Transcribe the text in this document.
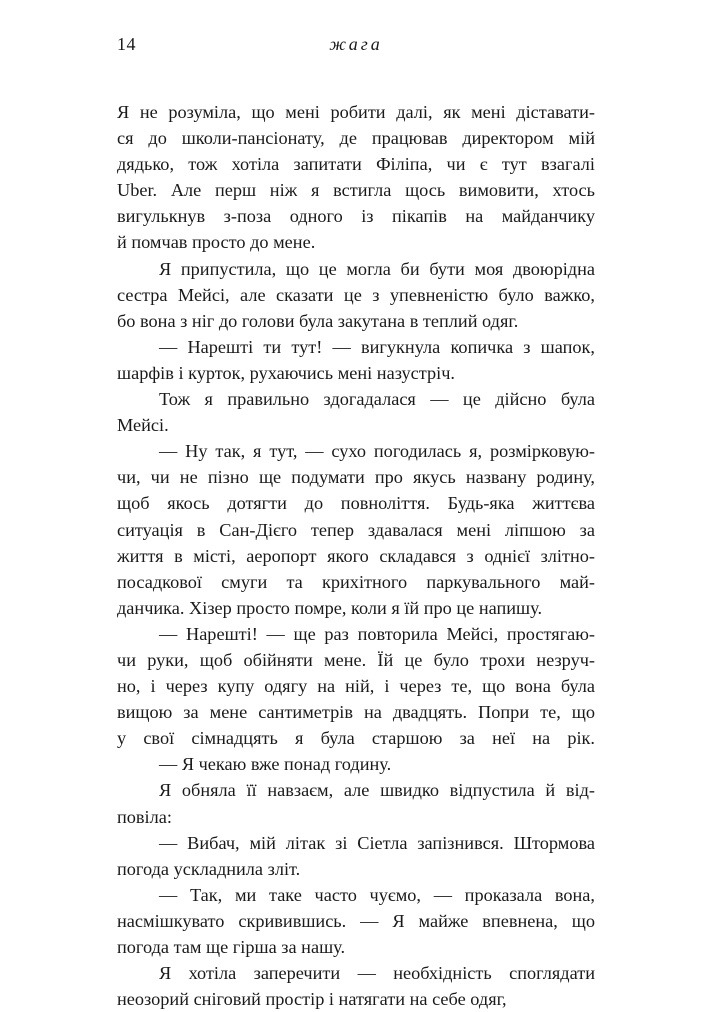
14	жага

Я не розуміла, що мені робити далі, як мені діставати-
ся до школи-пансіонату, де працював директором мій
дядько, тож хотіла запитати Філіпа, чи є тут взагалі
Uber. Але перш ніж я встигла щось вимовити, хтось
вигулькнув з-поза одного із пікапів на майданчику
й помчав просто до мене.

Я припустила, що це могла би бути моя двоюрідна
сестра Мейсі, але сказати це з упевненістю було важко,
бо вона з ніг до голови була закутана в теплий одяг.

— Нарешті ти тут! — вигукнула копичка з шапок,
шарфів і курток, рухаючись мені назустріч.

Тож я правильно здогадалася — це дійсно була
Мейсі.

— Ну так, я тут, — сухо погодилась я, розмірковую-
чи, чи не пізно ще подумати про якусь названу родину,
щоб якось дотягти до повноліття. Будь-яка життєва
ситуація в Сан-Дієго тепер здавалася мені ліпшою за
життя в місті, аеропорт якого складався з однієї злітно-
посадкової смуги та крихітного паркувального май-
данчика. Хізер просто помре, коли я їй про це напишу.

— Нарешті! — ще раз повторила Мейсі, простягаю-
чи руки, щоб обійняти мене. Їй це було трохи незруч-
но, і через купу одягу на ній, і через те, що вона була
вищою за мене сантиметрів на двадцять. Попри те, що
у свої сімнадцять я була старшою за неї на рік.
— Я чекаю вже понад годину.

Я обняла її навзаєм, але швидко відпустила й від-
повіла:

— Вибач, мій літак зі Сіетла запізнився. Штормова
погода ускладнила зліт.

— Так, ми таке часто чуємо, — проказала вона,
насмішкувато скривившись. — Я майже впевнена, що
погода там ще гірша за нашу.

Я хотіла заперечити — необхідність споглядати
неозорий сніговий простір і натягати на себе одяг,
